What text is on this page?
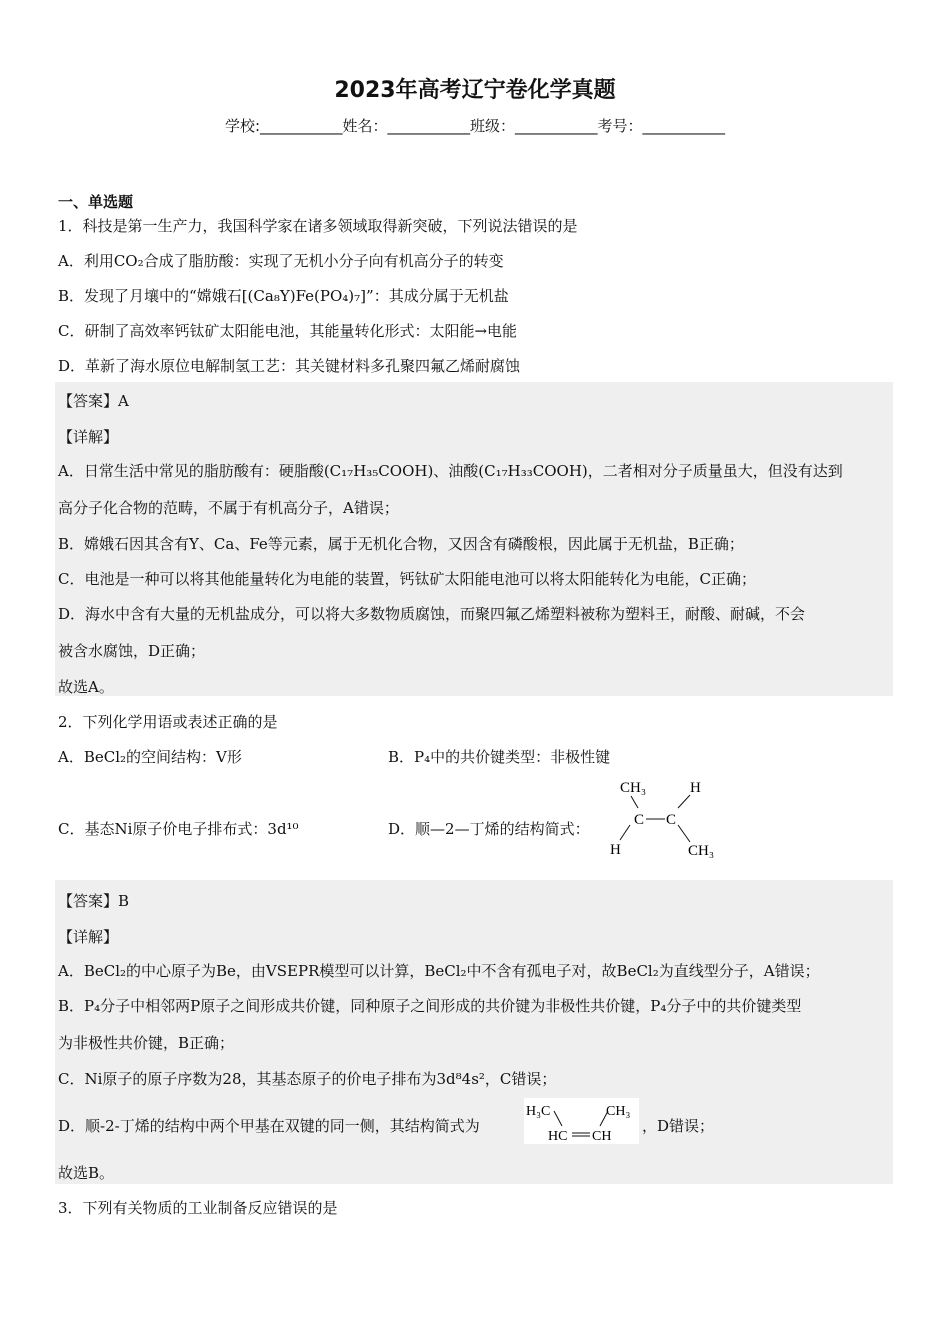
2023年高考辽宁卷化学真题
学校:___________姓名：___________班级：___________考号：___________
一、单选题
1．科技是第一生产力，我国科学家在诸多领域取得新突破，下列说法错误的是
A．利用CO₂合成了脂肪酸：实现了无机小分子向有机高分子的转变
B．发现了月壤中的“嫦娥石[(Ca₈Y)Fe(PO₄)₇]”：其成分属于无机盐
C．研制了高效率钙钛矿太阳能电池，其能量转化形式：太阳能→电能
D．革新了海水原位电解制氢工艺：其关键材料多孔聚四氟乙烯耐腐蚀
【答案】A
【详解】
A．日常生活中常见的脂肪酸有：硬脂酸(C₁₇H₃₅COOH)、油酸(C₁₇H₃₃COOH)，二者相对分子质量虽大，但没有达到
高分子化合物的范畴，不属于有机高分子，A错误；
B．嫦娥石因其含有Y、Ca、Fe等元素，属于无机化合物，又因含有磷酸根，因此属于无机盐，B正确；
C．电池是一种可以将其他能量转化为电能的装置，钙钛矿太阳能电池可以将太阳能转化为电能，C正确；
D．海水中含有大量的无机盐成分，可以将大多数物质腐蚀，而聚四氟乙烯塑料被称为塑料王，耐酸、耐碱，不会
被含水腐蚀，D正确；
故选A。
2．下列化学用语或表述正确的是
A．BeCl₂的空间结构：V形	B．P₄中的共价键类型：非极性键
C．基态Ni原子价电子排布式：3d¹⁰	D．顺—2—丁烯的结构简式：
CH₃	H
C C
H	CH₃
【答案】B
【详解】
A．BeCl₂的中心原子为Be，由VSEPR模型可以计算，BeCl₂中不含有孤电子对，故BeCl₂为直线型分子，A错误；
B．P₄分子中相邻两P原子之间形成共价键，同种原子之间形成的共价键为非极性共价键，P₄分子中的共价键类型
为非极性共价键，B正确；
C．Ni原子的原子序数为28，其基态原子的价电子排布为3d⁸4s²，C错误；
D．顺-2-丁烯的结构中两个甲基在双键的同一侧，其结构简式为
H₃C	CH₃
HC CH
，D错误；
故选B。
3．下列有关物质的工业制备反应错误的是
